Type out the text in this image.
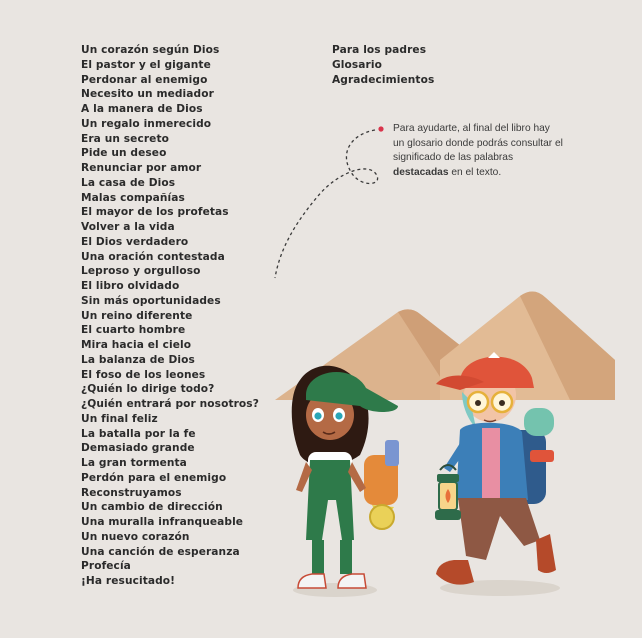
Un corazón según Dios
El pastor y el gigante
Perdonar al enemigo
Necesito un mediador
A la manera de Dios
Un regalo inmerecido
Era un secreto
Pide un deseo
Renunciar por amor
La casa de Dios
Malas compañías
El mayor de los profetas
Volver a la vida
El Dios verdadero
Una oración contestada
Leproso y orgulloso
El libro olvidado
Sin más oportunidades
Un reino diferente
El cuarto hombre
Mira hacia el cielo
La balanza de Dios
El foso de los leones
¿Quién lo dirige todo?
¿Quién entrará por nosotros?
Un final feliz
La batalla por la fe
Demasiado grande
La gran tormenta
Perdón para el enemigo
Reconstruyamos
Un cambio de dirección
Una muralla infranqueable
Un nuevo corazón
Una canción de esperanza
Profecía
¡Ha resucitado!
Para los padres
Glosario
Agradecimientos

Para ayudarte, al final del libro hay un glosario donde podrás consultar el significado de las palabras destacadas en el texto.
